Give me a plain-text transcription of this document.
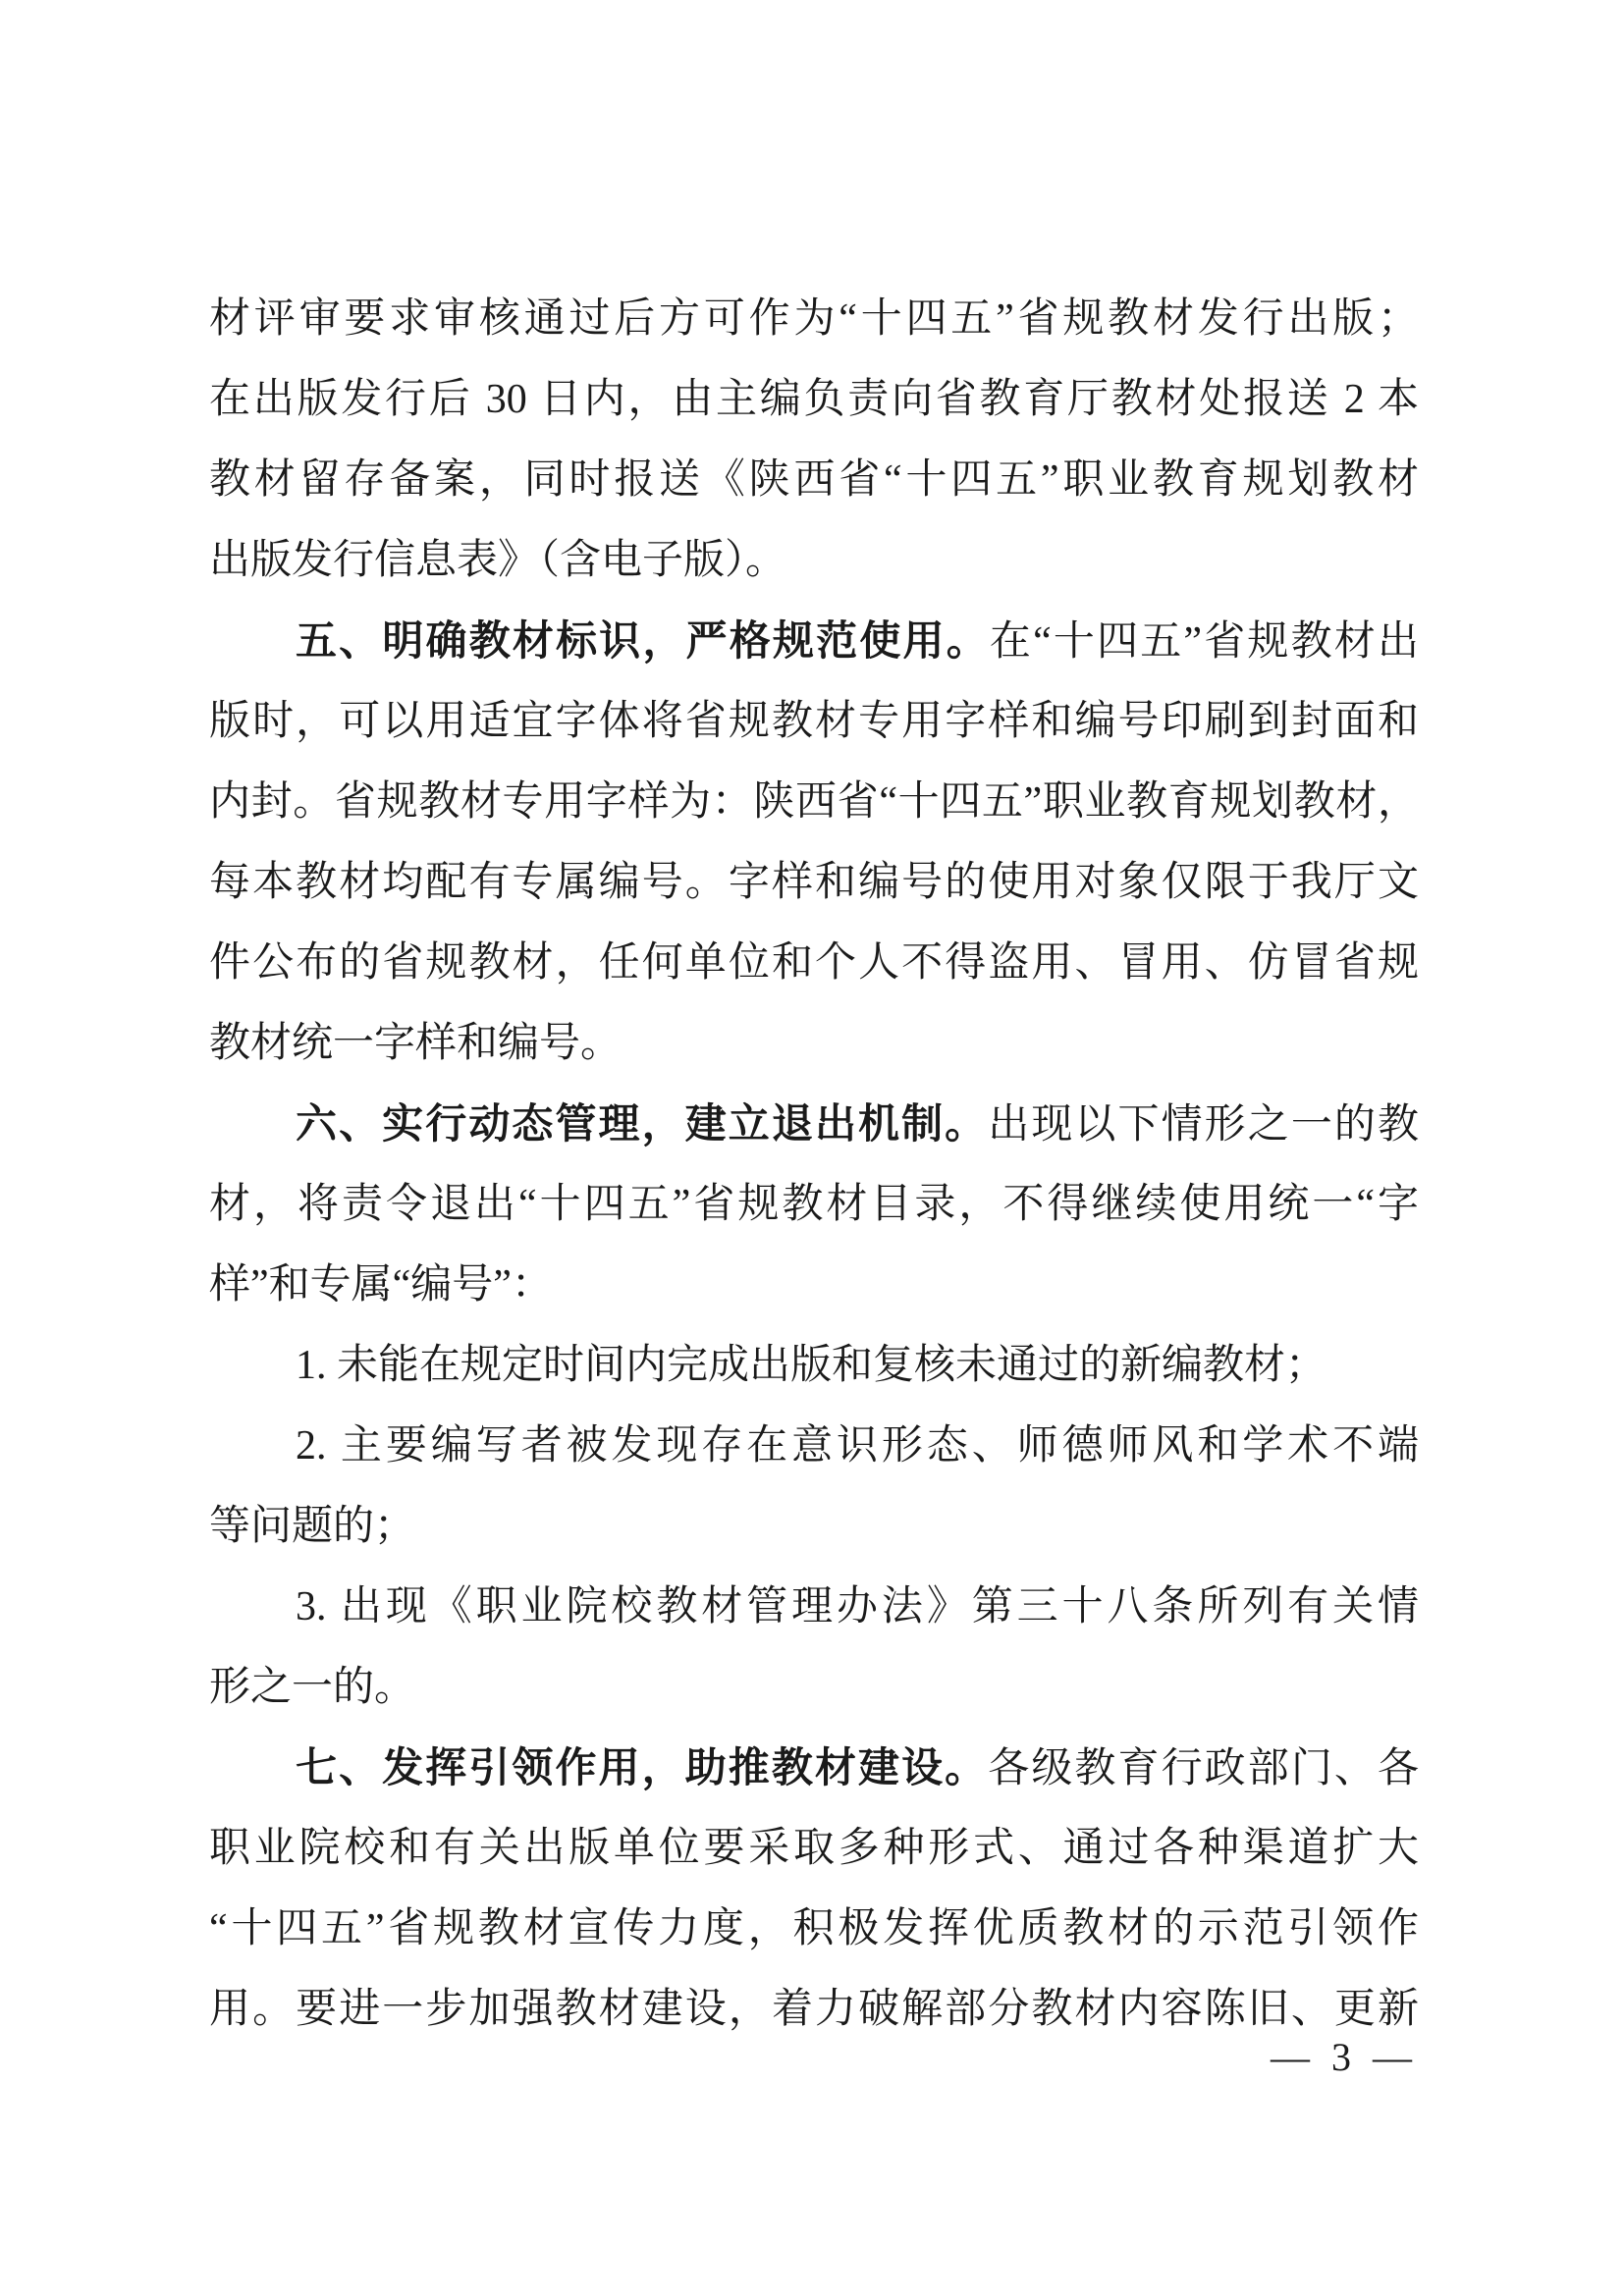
材评审要求审核通过后方可作为“十四五”省规教材发行出版；
在出版发行后 30 日内，由主编负责向省教育厅教材处报送 2 本
教材留存备案，同时报送《陕西省“十四五”职业教育规划教材
出版发行信息表》（含电子版）。
五、明确教材标识，严格规范使用。在“十四五”省规教材出
版时，可以用适宜字体将省规教材专用字样和编号印刷到封面和
内封。省规教材专用字样为：陕西省“十四五”职业教育规划教材，
每本教材均配有专属编号。字样和编号的使用对象仅限于我厅文
件公布的省规教材，任何单位和个人不得盗用、冒用、仿冒省规
教材统一字样和编号。
六、实行动态管理，建立退出机制。出现以下情形之一的教
材，将责令退出“十四五”省规教材目录，不得继续使用统一“字
样”和专属“编号”：
1. 未能在规定时间内完成出版和复核未通过的新编教材；
2. 主要编写者被发现存在意识形态、师德师风和学术不端
等问题的；
3. 出现《职业院校教材管理办法》第三十八条所列有关情
形之一的。
七、发挥引领作用，助推教材建设。各级教育行政部门、各
职业院校和有关出版单位要采取多种形式、通过各种渠道扩大
“十四五”省规教材宣传力度，积极发挥优质教材的示范引领作
用。要进一步加强教材建设，着力破解部分教材内容陈旧、更新
— 3 —
